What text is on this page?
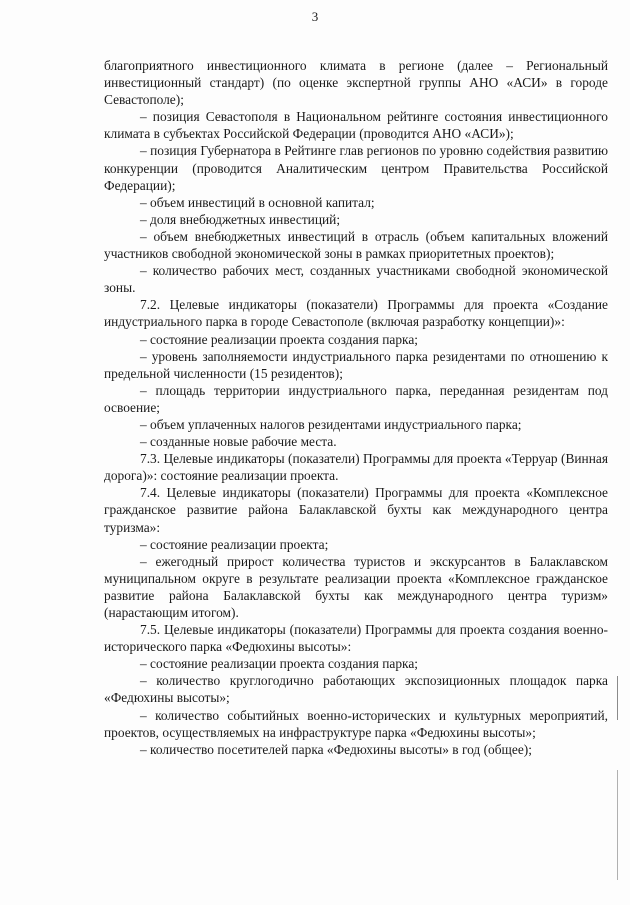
3

благоприятного инвестиционного климата в регионе (далее – Региональный инвестиционный стандарт) (по оценке экспертной группы АНО «АСИ» в городе Севастополе);

– позиция Севастополя в Национальном рейтинге состояния инвестиционного климата в субъектах Российской Федерации (проводится АНО «АСИ»);

– позиция Губернатора в Рейтинге глав регионов по уровню содействия развитию конкуренции (проводится Аналитическим центром Правительства Российской Федерации);

– объем инвестиций в основной капитал;

– доля внебюджетных инвестиций;

– объем внебюджетных инвестиций в отрасль (объем капитальных вложений участников свободной экономической зоны в рамках приоритетных проектов);

– количество рабочих мест, созданных участниками свободной экономической зоны.

7.2. Целевые индикаторы (показатели) Программы для проекта «Создание индустриального парка в городе Севастополе (включая разработку концепции)»:

– состояние реализации проекта создания парка;

– уровень заполняемости индустриального парка резидентами по отношению к предельной численности (15 резидентов);

– площадь территории индустриального парка, переданная резидентам под освоение;

– объем уплаченных налогов резидентами индустриального парка;

– созданные новые рабочие места.

7.3. Целевые индикаторы (показатели) Программы для проекта «Терруар (Винная дорога)»: состояние реализации проекта.

7.4. Целевые индикаторы (показатели) Программы для проекта «Комплексное гражданское развитие района Балаклавской бухты как международного центра туризма»:

– состояние реализации проекта;

– ежегодный прирост количества туристов и экскурсантов в Балаклавском муниципальном округе в результате реализации проекта «Комплексное гражданское развитие района Балаклавской бухты как международного центра туризм» (нарастающим итогом).

7.5. Целевые индикаторы (показатели) Программы для проекта создания военно-исторического парка «Федюхины высоты»:

– состояние реализации проекта создания парка;

– количество круглогодично работающих экспозиционных площадок парка «Федюхины высоты»;

– количество событийных военно-исторических и культурных мероприятий, проектов, осуществляемых на инфраструктуре парка «Федюхины высоты»;

– количество посетителей парка «Федюхины высоты» в год (общее);
